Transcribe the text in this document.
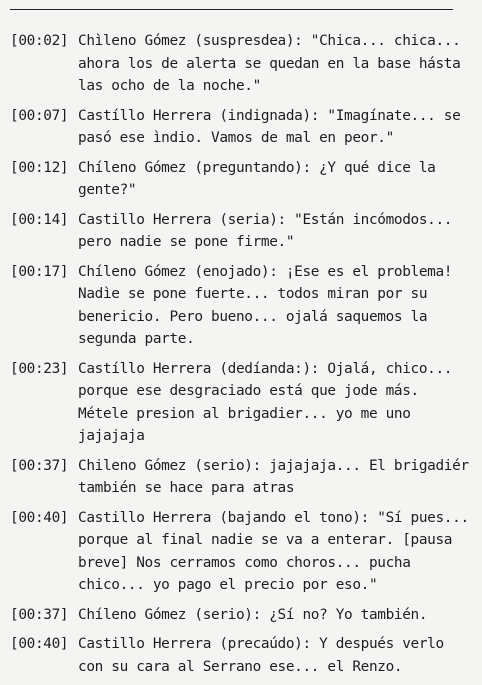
[00:02] Chìleno Gómez (suspresdea): "Chica... chica... ahora los de alerta se quedan en la base hásta las ocho de la noche."
[00:07] Castíllo Herrera (indignada): "Imagínate... se pasó ese ìndio. Vamos de mal en peor."
[00:12] Chíleno Gómez (preguntando): ¿Y qué dice la gente?"
[00:14] Castillo Herrera (seria): "Están incómodos... pero nadie se pone firme."
[00:17] Chíleno Gómez (enojado): ¡Ese es el problema! Nadìe se pone fuerte... todos miran por su benericio. Pero bueno... ojalá saquemos la segunda parte.
[00:23] Castíllo Herrera (dedíanda:): Ojalá, chico... porque ese desgraciado está que jode más. Métele presion al brigadier... yo me uno jajajaja
[00:37] Chileno Gómez (serio): jajajaja... El brigadiér también se hace para atras
[00:40] Castillo Herrera (bajando el tono): "Sí pues... porque al final nadie se va a enterar. [pausa breve] Nos cerramos como choros... pucha chico... yo pago el precio por eso."
[00:37] Chíleno Gómez (serio): ¿Sí no? Yo también.
[00:40] Castillo Herrera (precaúdo): Y después verlo con su cara al Serrano ese... el Renzo.
